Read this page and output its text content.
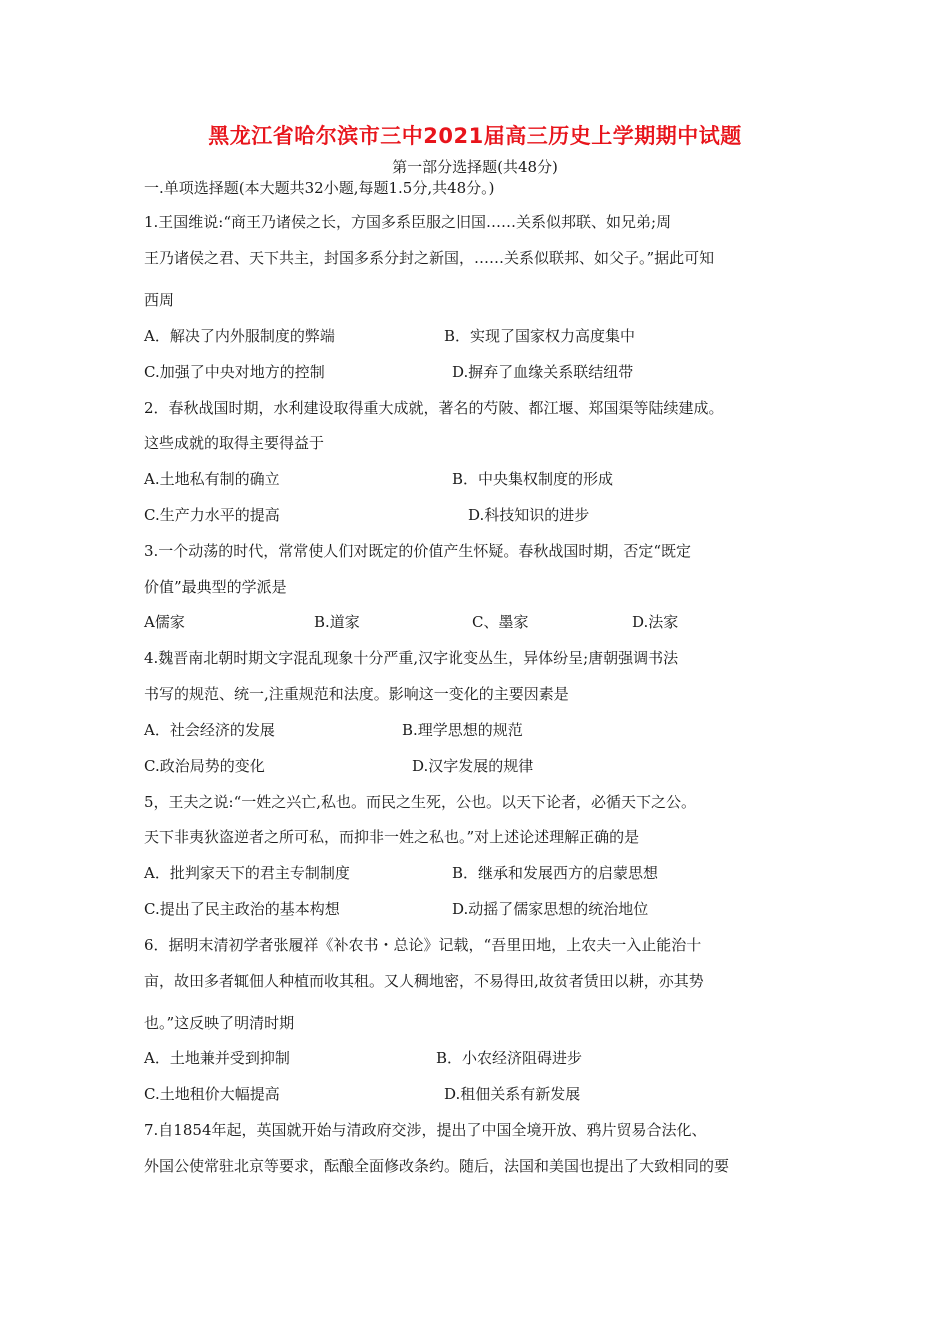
黑龙江省哈尔滨市三中2021届高三历史上学期期中试题
第一部分选择题(共48分)
一.单项选择题(本大题共32小题,每题1.5分,共48分。)
1.王国维说:“商王乃诸侯之长，方国多系臣服之旧国……关系似邦联、如兄弟;周
王乃诸侯之君、天下共主，封国多系分封之新国，……关系似联邦、如父子。”据此可知
西周
A．解决了内外服制度的弊端	B．实现了国家权力高度集中
C.加强了中央对地方的控制	D.摒弃了血缘关系联结纽带
2．春秋战国时期，水利建设取得重大成就，著名的芍陂、都江堰、郑国渠等陆续建成。
这些成就的取得主要得益于
A.土地私有制的确立	B．中央集权制度的形成
C.生产力水平的提高	D.科技知识的进步
3.一个动荡的时代，常常使人们对既定的价值产生怀疑。春秋战国时期，否定“既定
价值”最典型的学派是
A儒家	B.道家	C、墨家	D.法家
4.魏晋南北朝时期文字混乱现象十分严重,汉字讹变丛生，异体纷呈;唐朝强调书法
书写的规范、统一,注重规范和法度。影响这一变化的主要因素是
A．社会经济的发展	B.理学思想的规范
C.政治局势的变化	D.汉字发展的规律
5，王夫之说:“一姓之兴亡,私也。而民之生死，公也。以天下论者，必循天下之公。
天下非夷狄盗逆者之所可私，而抑非一姓之私也。”对上述论述理解正确的是
A．批判家天下的君主专制制度	B．继承和发展西方的启蒙思想
C.提出了民主政治的基本构想	D.动摇了儒家思想的统治地位
6．据明末清初学者张履祥《补农书・总论》记载，“吾里田地，上农夫一入止能治十
亩，故田多者辄佃人种植而收其租。又人稠地密，不易得田,故贫者赁田以耕，亦其势
也。”这反映了明清时期
A．土地兼并受到抑制	B．小农经济阻碍进步
C.土地租价大幅提高	D.租佃关系有新发展
7.自1854年起，英国就开始与清政府交涉，提出了中国全境开放、鸦片贸易合法化、
外国公使常驻北京等要求，酝酿全面修改条约。随后，法国和美国也提出了大致相同的要
